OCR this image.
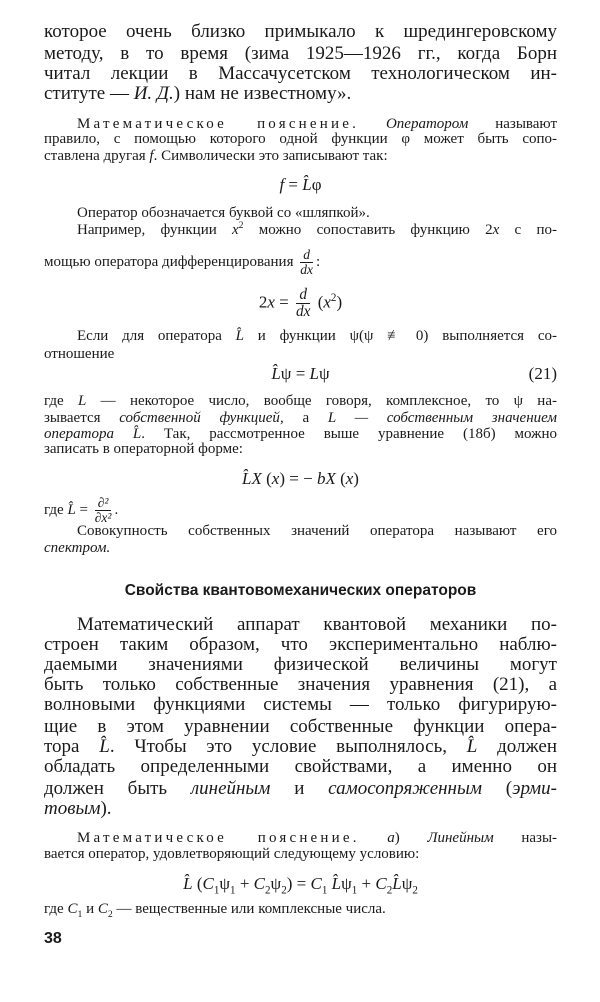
которое очень близко примыкало к шредингеровскому
методу, в то время (зима 1925—1926 гг., когда Борн
читал лекции в Массачусетском технологическом ин-
ституте — И. Д.) нам не известному».
Математическое пояснение. Оператором называют
правило, с помощью которого одной функции φ может быть сопо-
ставлена другая f. Символически это записывают так:
f = L̂φ
Оператор обозначается буквой со «шляпкой».
Например, функции $x^2$ можно сопоставить функцию 2x с по-
мощью оператора дифференцирования $\frac{d}{dx}$ :
$2x = \frac{d}{dx} (x^2)$
Если для оператора L̂ и функции ψ(ψ ≢ 0) выполняется со-
отношение
L̂ψ = Lψ	(21)
где L — некоторое число, вообще говоря, комплексное, то ψ на-
зывается собственной функцией, а L — собственным значением
оператора L̂. Так, рассмотренное выше уравнение (18б) можно
записать в операторной форме:
L̂X (x) = − bX (x)
где L̂ = $\frac{\text{∂²}}{\text{∂x²}}$ .
Совокупность собственных значений оператора называют его
спектром.
Свойства квантовомеханических операторов
Математический аппарат квантовой механики по-
строен таким образом, что экспериментально наблю-
даемыми значениями физической величины могут
быть только собственные значения уравнения (21), а
волновыми функциями системы — только фигурирую-
щие в этом уравнении собственные функции опера-
тора L̂. Чтобы это условие выполнялось, L̂ должен
обладать определенными свойствами, а именно он
должен быть линейным и самосопряженным (эрми-
товым).
Математическое пояснение. а) Линейным назы-
вается оператор, удовлетворяющий следующему условию:
L̂ $(C_1\psi_1 + C_2\psi_2) = C_1$ $L̂\psi_1$ + $C_2L̂\psi_2$
где $C_1$ и $C_2$ — вещественные или комплексные числа.
38
